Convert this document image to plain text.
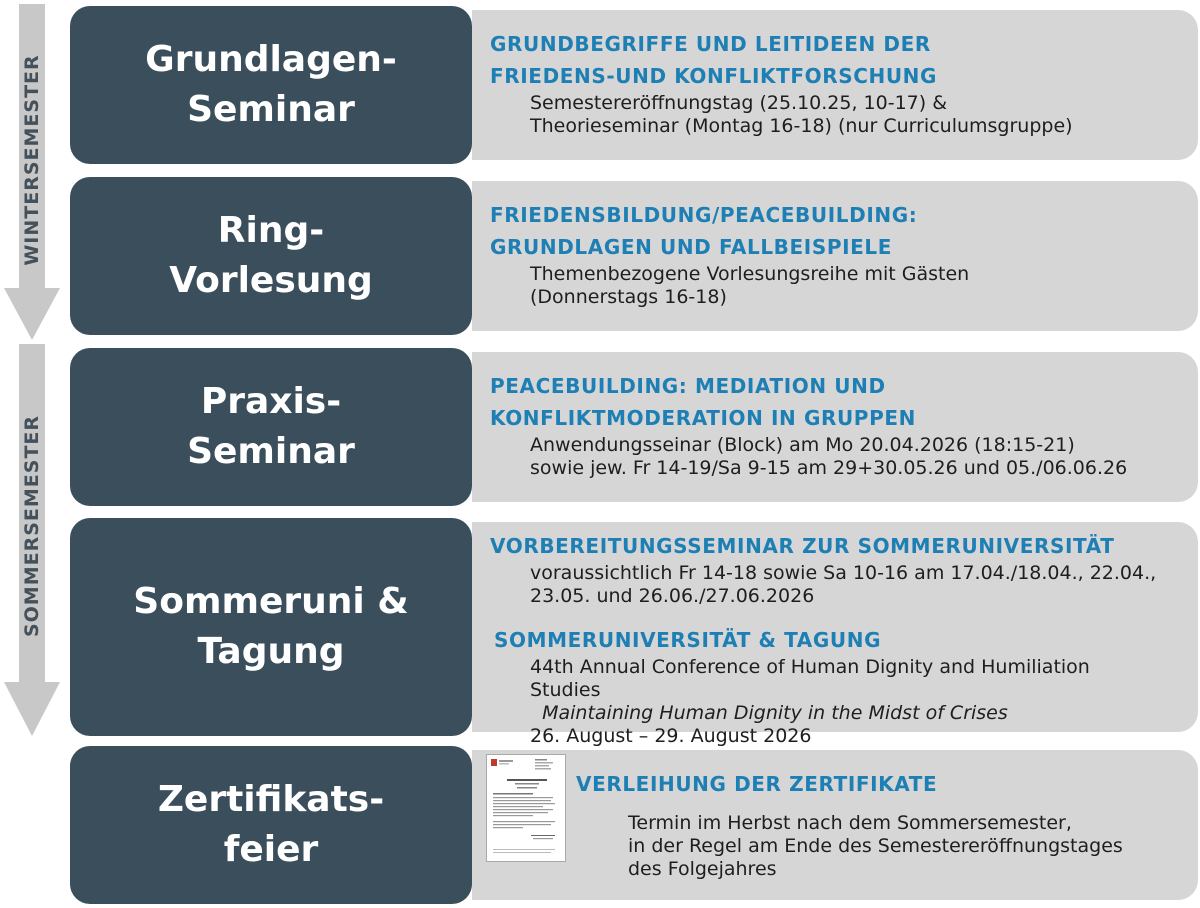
WINTERSEMESTER
SOMMERSEMESTER
Grundlagen-
Seminar
GRUNDBEGRIFFE UND LEITIDEEN DER
FRIEDENS-UND KONFLIKTFORSCHUNG
Semestereröffnungstag (25.10.25, 10-17) &
Theorieseminar (Montag 16-18) (nur Curriculumsgruppe)
Ring-
Vorlesung
FRIEDENSBILDUNG/PEACEBUILDING:
GRUNDLAGEN UND FALLBEISPIELE
Themenbezogene Vorlesungsreihe mit Gästen
(Donnerstags 16-18)
Praxis-
Seminar
PEACEBUILDING: MEDIATION UND
KONFLIKTMODERATION IN GRUPPEN
Anwendungsseinar (Block) am Mo 20.04.2026 (18:15-21)
sowie jew. Fr 14-19/Sa 9-15 am 29+30.05.26 und 05./06.06.26
Sommeruni &
Tagung
VORBEREITUNGSSEMINAR ZUR SOMMERUNIVERSITÄT
voraussichtlich Fr 14-18 sowie Sa 10-16 am 17.04./18.04., 22.04.,
23.05. und 26.06./27.06.2026
SOMMERUNIVERSITÄT & TAGUNG
44th Annual Conference of Human Dignity and Humiliation
Studies
Maintaining Human Dignity in the Midst of Crises
26. August – 29. August 2026
Zertifikats-
feier
VERLEIHUNG DER ZERTIFIKATE
Termin im Herbst nach dem Sommersemester,
in der Regel am Ende des Semestereröffnungstages
des Folgejahres
